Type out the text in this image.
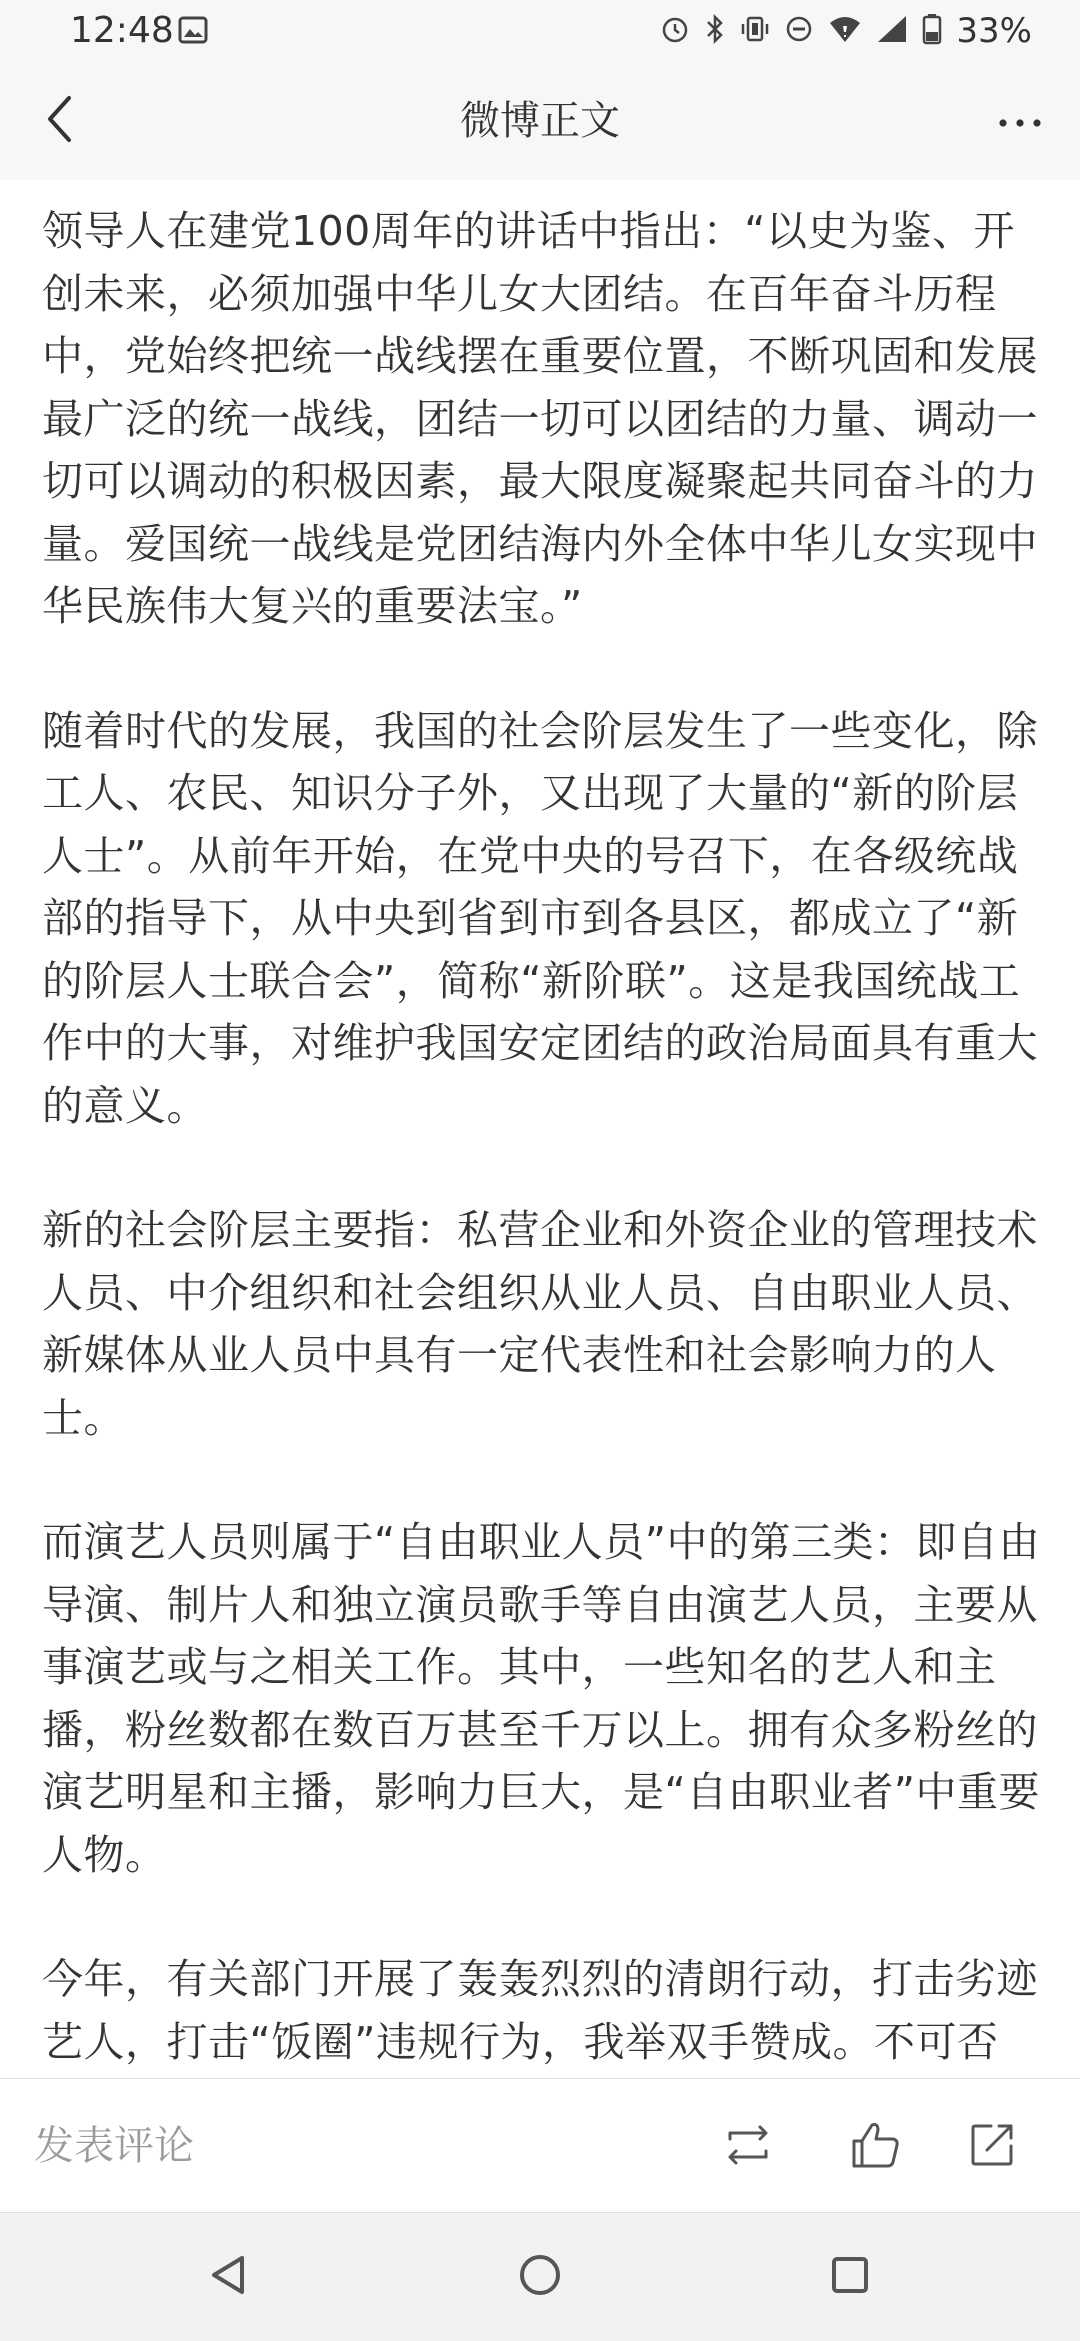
12:48	33%
微博正文

领导人在建党100周年的讲话中指出：“以史为鉴、开创未来，必须加强中华儿女大团结。在百年奋斗历程中，党始终把统一战线摆在重要位置，不断巩固和发展最广泛的统一战线，团结一切可以团结的力量、调动一切可以调动的积极因素，最大限度凝聚起共同奋斗的力量。爱国统一战线是党团结海内外全体中华儿女实现中华民族伟大复兴的重要法宝。”

随着时代的发展，我国的社会阶层发生了一些变化，除工人、农民、知识分子外，又出现了大量的“新的阶层人士”。从前年开始，在党中央的号召下，在各级统战部的指导下，从中央到省到市到各县区，都成立了“新的阶层人士联合会”，简称“新阶联”。这是我国统战工作中的大事，对维护我国安定团结的政治局面具有重大的意义。

新的社会阶层主要指：私营企业和外资企业的管理技术人员、中介组织和社会组织从业人员、自由职业人员、新媒体从业人员中具有一定代表性和社会影响力的人士。

而演艺人员则属于“自由职业人员”中的第三类：即自由导演、制片人和独立演员歌手等自由演艺人员，主要从事演艺或与之相关工作。其中，一些知名的艺人和主播，粉丝数都在数百万甚至千万以上。拥有众多粉丝的演艺明星和主播，影响力巨大，是“自由职业者”中重要人物。

今年，有关部门开展了轰轰烈烈的清朗行动，打击劣迹艺人，打击“饭圈”违规行为，我举双手赞成。不可否

发表评论
